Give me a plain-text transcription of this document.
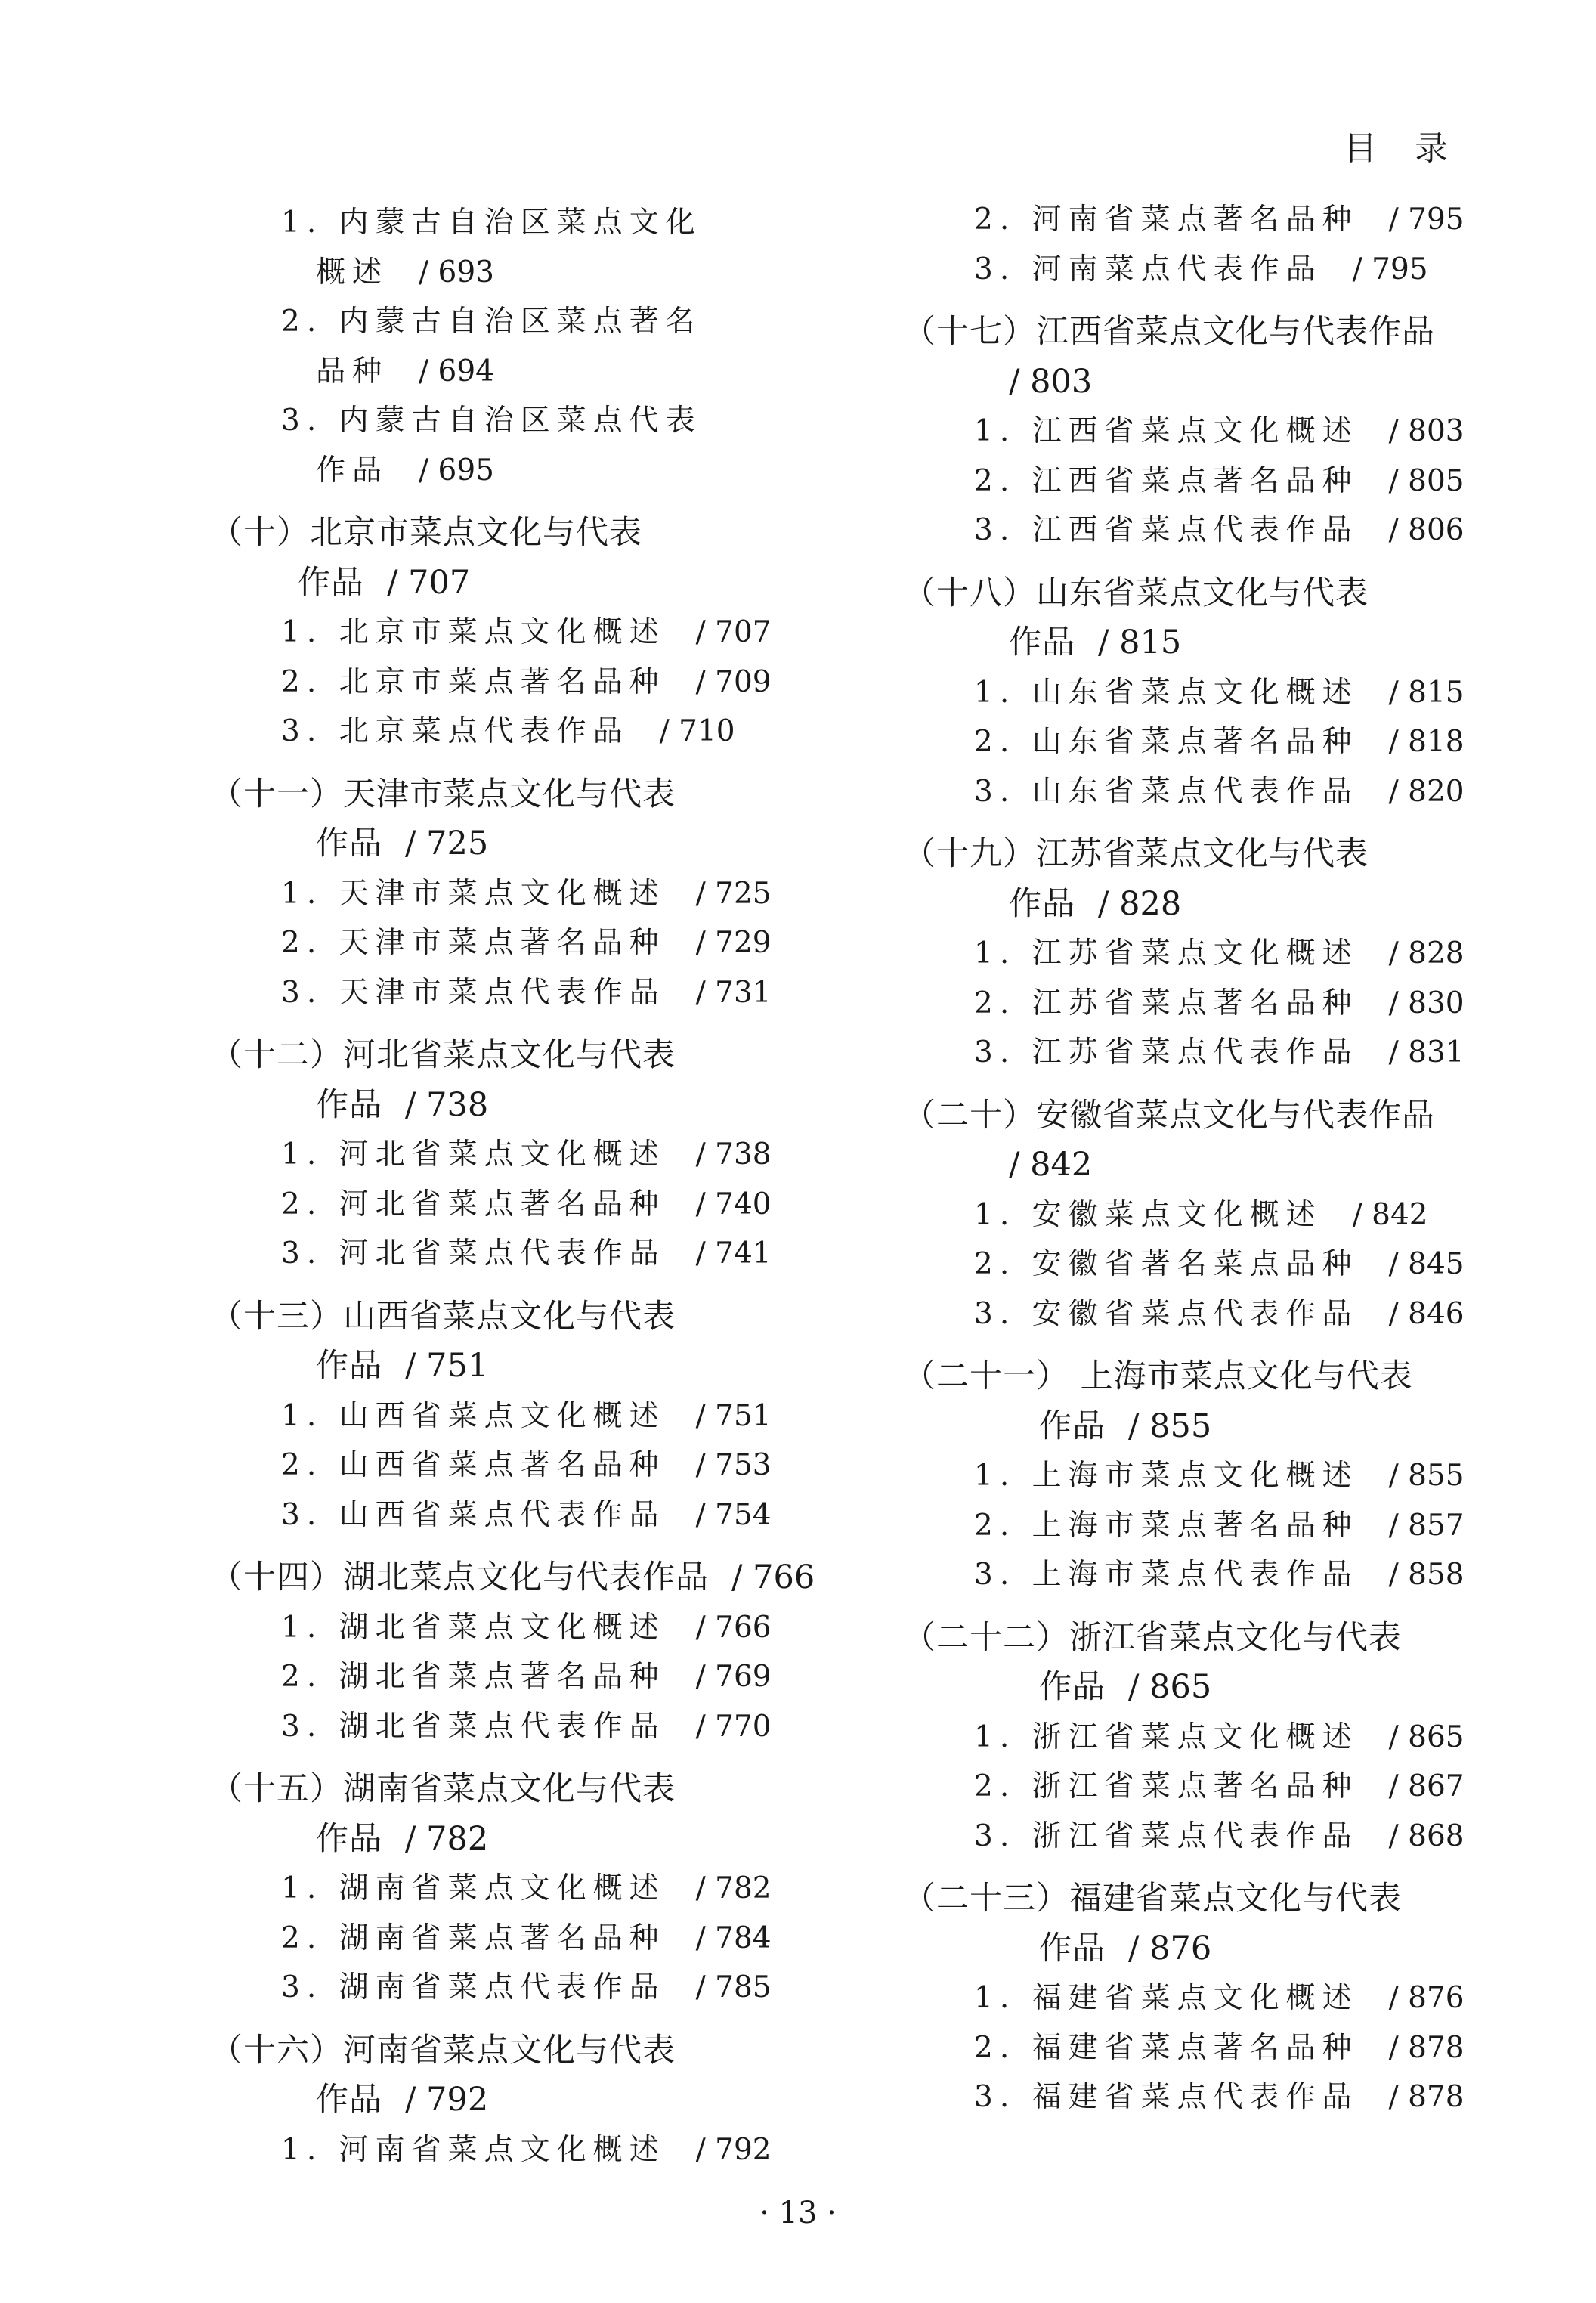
目 录
1. 内蒙古自治区菜点文化
概述 / 693
2. 内蒙古自治区菜点著名
品种 / 694
3. 内蒙古自治区菜点代表
作品 / 695
（十）北京市菜点文化与代表
作品 / 707
1. 北京市菜点文化概述 / 707
2. 北京市菜点著名品种 / 709
3. 北京菜点代表作品 / 710
（十一）天津市菜点文化与代表
作品 / 725
1. 天津市菜点文化概述 / 725
2. 天津市菜点著名品种 / 729
3. 天津市菜点代表作品 / 731
（十二）河北省菜点文化与代表
作品 / 738
1. 河北省菜点文化概述 / 738
2. 河北省菜点著名品种 / 740
3. 河北省菜点代表作品 / 741
（十三）山西省菜点文化与代表
作品 / 751
1. 山西省菜点文化概述 / 751
2. 山西省菜点著名品种 / 753
3. 山西省菜点代表作品 / 754
（十四）湖北菜点文化与代表作品 / 766
1. 湖北省菜点文化概述 / 766
2. 湖北省菜点著名品种 / 769
3. 湖北省菜点代表作品 / 770
（十五）湖南省菜点文化与代表
作品 / 782
1. 湖南省菜点文化概述 / 782
2. 湖南省菜点著名品种 / 784
3. 湖南省菜点代表作品 / 785
（十六）河南省菜点文化与代表
作品 / 792
1. 河南省菜点文化概述 / 792
2. 河南省菜点著名品种 / 795
3. 河南菜点代表作品 / 795
（十七）江西省菜点文化与代表作品
/ 803
1. 江西省菜点文化概述 / 803
2. 江西省菜点著名品种 / 805
3. 江西省菜点代表作品 / 806
（十八）山东省菜点文化与代表
作品 / 815
1. 山东省菜点文化概述 / 815
2. 山东省菜点著名品种 / 818
3. 山东省菜点代表作品 / 820
（十九）江苏省菜点文化与代表
作品 / 828
1. 江苏省菜点文化概述 / 828
2. 江苏省菜点著名品种 / 830
3. 江苏省菜点代表作品 / 831
（二十）安徽省菜点文化与代表作品
/ 842
1. 安徽菜点文化概述 / 842
2. 安徽省著名菜点品种 / 845
3. 安徽省菜点代表作品 / 846
（二十一） 上海市菜点文化与代表
作品 / 855
1. 上海市菜点文化概述 / 855
2. 上海市菜点著名品种 / 857
3. 上海市菜点代表作品 / 858
（二十二）浙江省菜点文化与代表
作品 / 865
1. 浙江省菜点文化概述 / 865
2. 浙江省菜点著名品种 / 867
3. 浙江省菜点代表作品 / 868
（二十三）福建省菜点文化与代表
作品 / 876
1. 福建省菜点文化概述 / 876
2. 福建省菜点著名品种 / 878
3. 福建省菜点代表作品 / 878
· 13 ·
